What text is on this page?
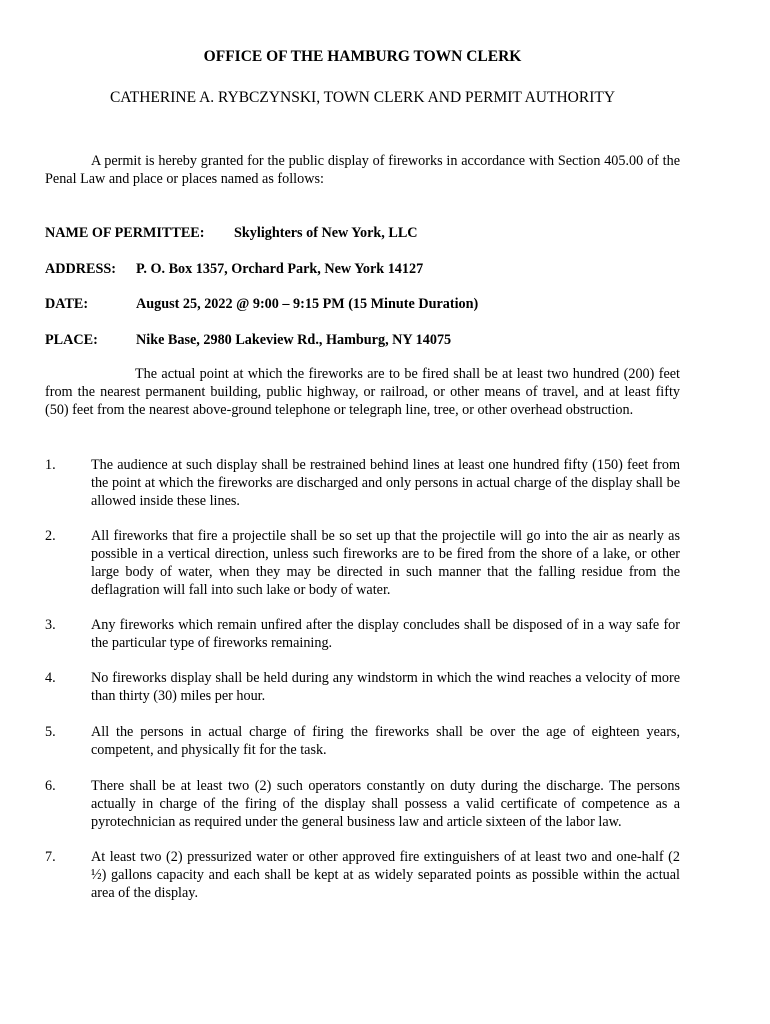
OFFICE OF THE HAMBURG TOWN CLERK
CATHERINE A. RYBCZYNSKI, TOWN CLERK AND PERMIT AUTHORITY

A permit is hereby granted for the public display of fireworks in accordance with Section 405.00 of the Penal Law and place or places named as follows:

NAME OF PERMITTEE: Skylighters of New York, LLC
ADDRESS: P. O. Box 1357, Orchard Park, New York 14127
DATE:	August 25, 2022 @ 9:00 – 9:15 PM (15 Minute Duration)
PLACE:	Nike Base, 2980 Lakeview Rd., Hamburg, NY 14075

The actual point at which the fireworks are to be fired shall be at least two hundred (200) feet from the nearest permanent building, public highway, or railroad, or other means of travel, and at least fifty (50) feet from the nearest above-ground telephone or telegraph line, tree, or other overhead obstruction.

1. The audience at such display shall be restrained behind lines at least one hundred fifty (150) feet from the point at which the fireworks are discharged and only persons in actual charge of the display shall be allowed inside these lines.
2. All fireworks that fire a projectile shall be so set up that the projectile will go into the air as nearly as possible in a vertical direction, unless such fireworks are to be fired from the shore of a lake, or other large body of water, when they may be directed in such manner that the falling residue from the deflagration will fall into such lake or body of water.
3. Any fireworks which remain unfired after the display concludes shall be disposed of in a way safe for the particular type of fireworks remaining.
4. No fireworks display shall be held during any windstorm in which the wind reaches a velocity of more than thirty (30) miles per hour.
5. All the persons in actual charge of firing the fireworks shall be over the age of eighteen years, competent, and physically fit for the task.
6. There shall be at least two (2) such operators constantly on duty during the discharge. The persons actually in charge of the firing of the display shall possess a valid certificate of competence as a pyrotechnician as required under the general business law and article sixteen of the labor law.
7. At least two (2) pressurized water or other approved fire extinguishers of at least two and one-half (2 ½) gallons capacity and each shall be kept at as widely separated points as possible within the actual area of the display.
